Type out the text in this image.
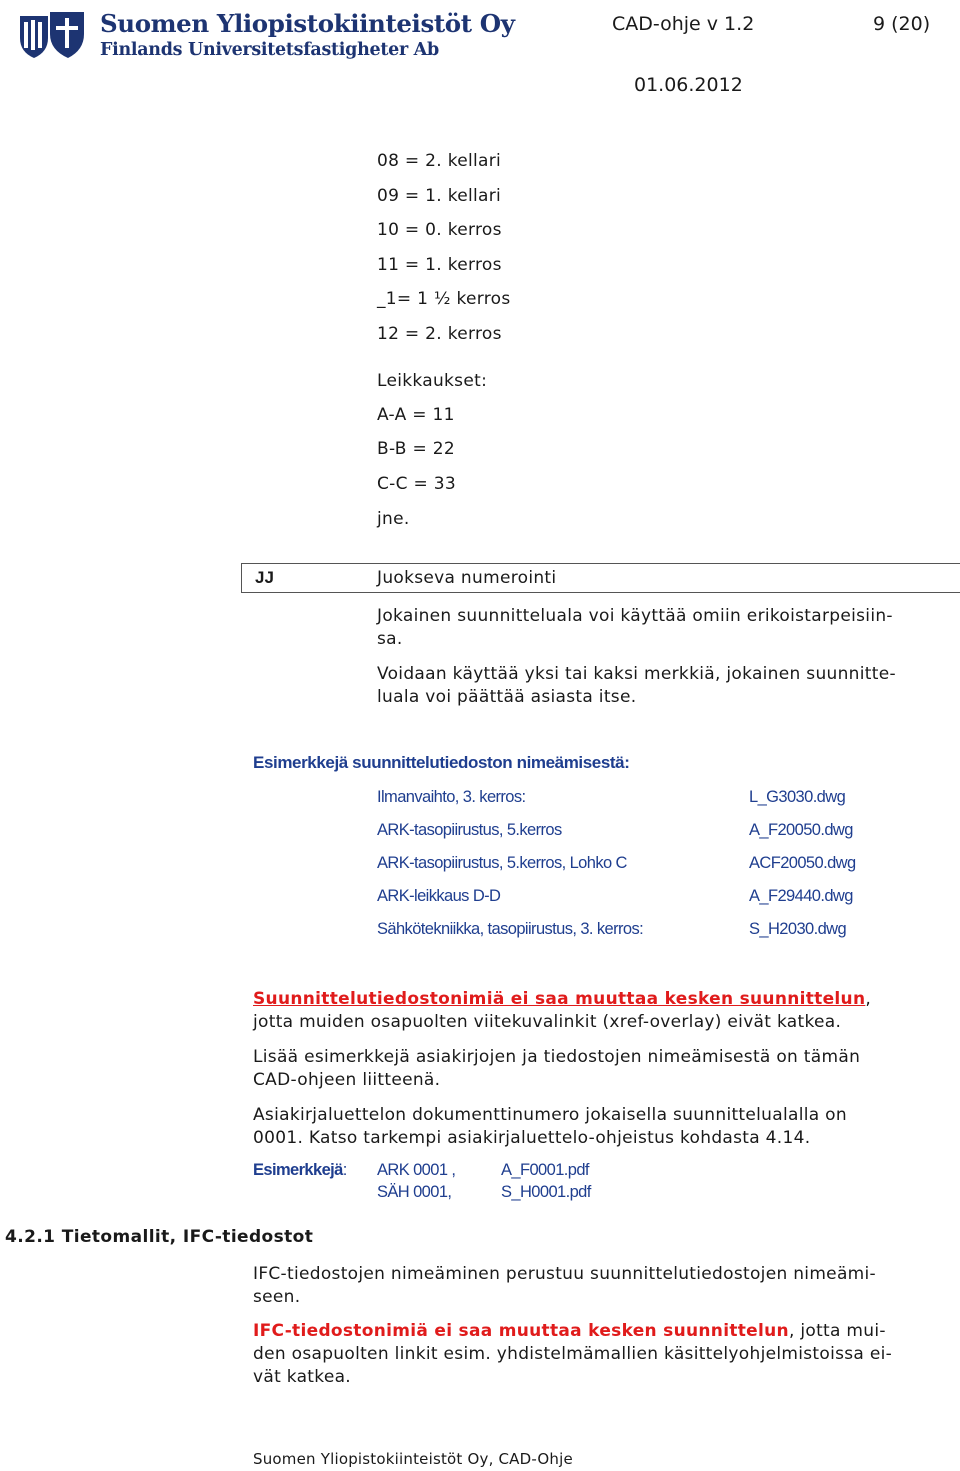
Suomen Yliopistokiinteistöt Oy
Finlands Universitetsfastigheter Ab
CAD-ohje v 1.2	9 (20)
01.06.2012
08 = 2. kellari
09 = 1. kellari
10 = 0. kerros
11 = 1. kerros
_1= 1 ½ kerros
12 = 2. kerros
Leikkaukset:
A-A = 11
B-B = 22
C-C = 33
jne.
JJ	Juokseva numerointi
Jokainen suunnitteluala voi käyttää omiin erikoistarpeisiin-
sa.
Voidaan käyttää yksi tai kaksi merkkiä, jokainen suunnitte-
luala voi päättää asiasta itse.
Esimerkkejä suunnittelutiedoston nimeämisestä:
Ilmanvaihto, 3. kerros:	L_G3030.dwg
ARK-tasopiirustus, 5.kerros	A_F20050.dwg
ARK-tasopiirustus, 5.kerros, Lohko C	ACF20050.dwg
ARK-leikkaus D-D	A_F29440.dwg
Sähkötekniikka, tasopiirustus, 3. kerros:	S_H2030.dwg
Suunnittelutiedostonimiä ei saa muuttaa kesken suunnittelun,
jotta muiden osapuolten viitekuvalinkit (xref-overlay) eivät katkea.
Lisää esimerkkejä asiakirjojen ja tiedostojen nimeämisestä on tämän
CAD-ohjeen liitteenä.
Asiakirjaluettelon dokumenttinumero jokaisella suunnittelualalla on
0001. Katso tarkempi asiakirjaluettelo-ohjeistus kohdasta 4.14.
Esimerkkejä: ARK 0001 ,	A_F0001.pdf
SÄH 0001,	S_H0001.pdf
4.2.1 Tietomallit, IFC-tiedostot
IFC-tiedostojen nimeäminen perustuu suunnittelutiedostojen nimeämi-
seen.
IFC-tiedostonimiä ei saa muuttaa kesken suunnittelun, jotta mui-
den osapuolten linkit esim. yhdistelmämallien käsittelyohjelmistoissa ei-
vät katkea.
Suomen Yliopistokiinteistöt Oy, CAD-Ohje
